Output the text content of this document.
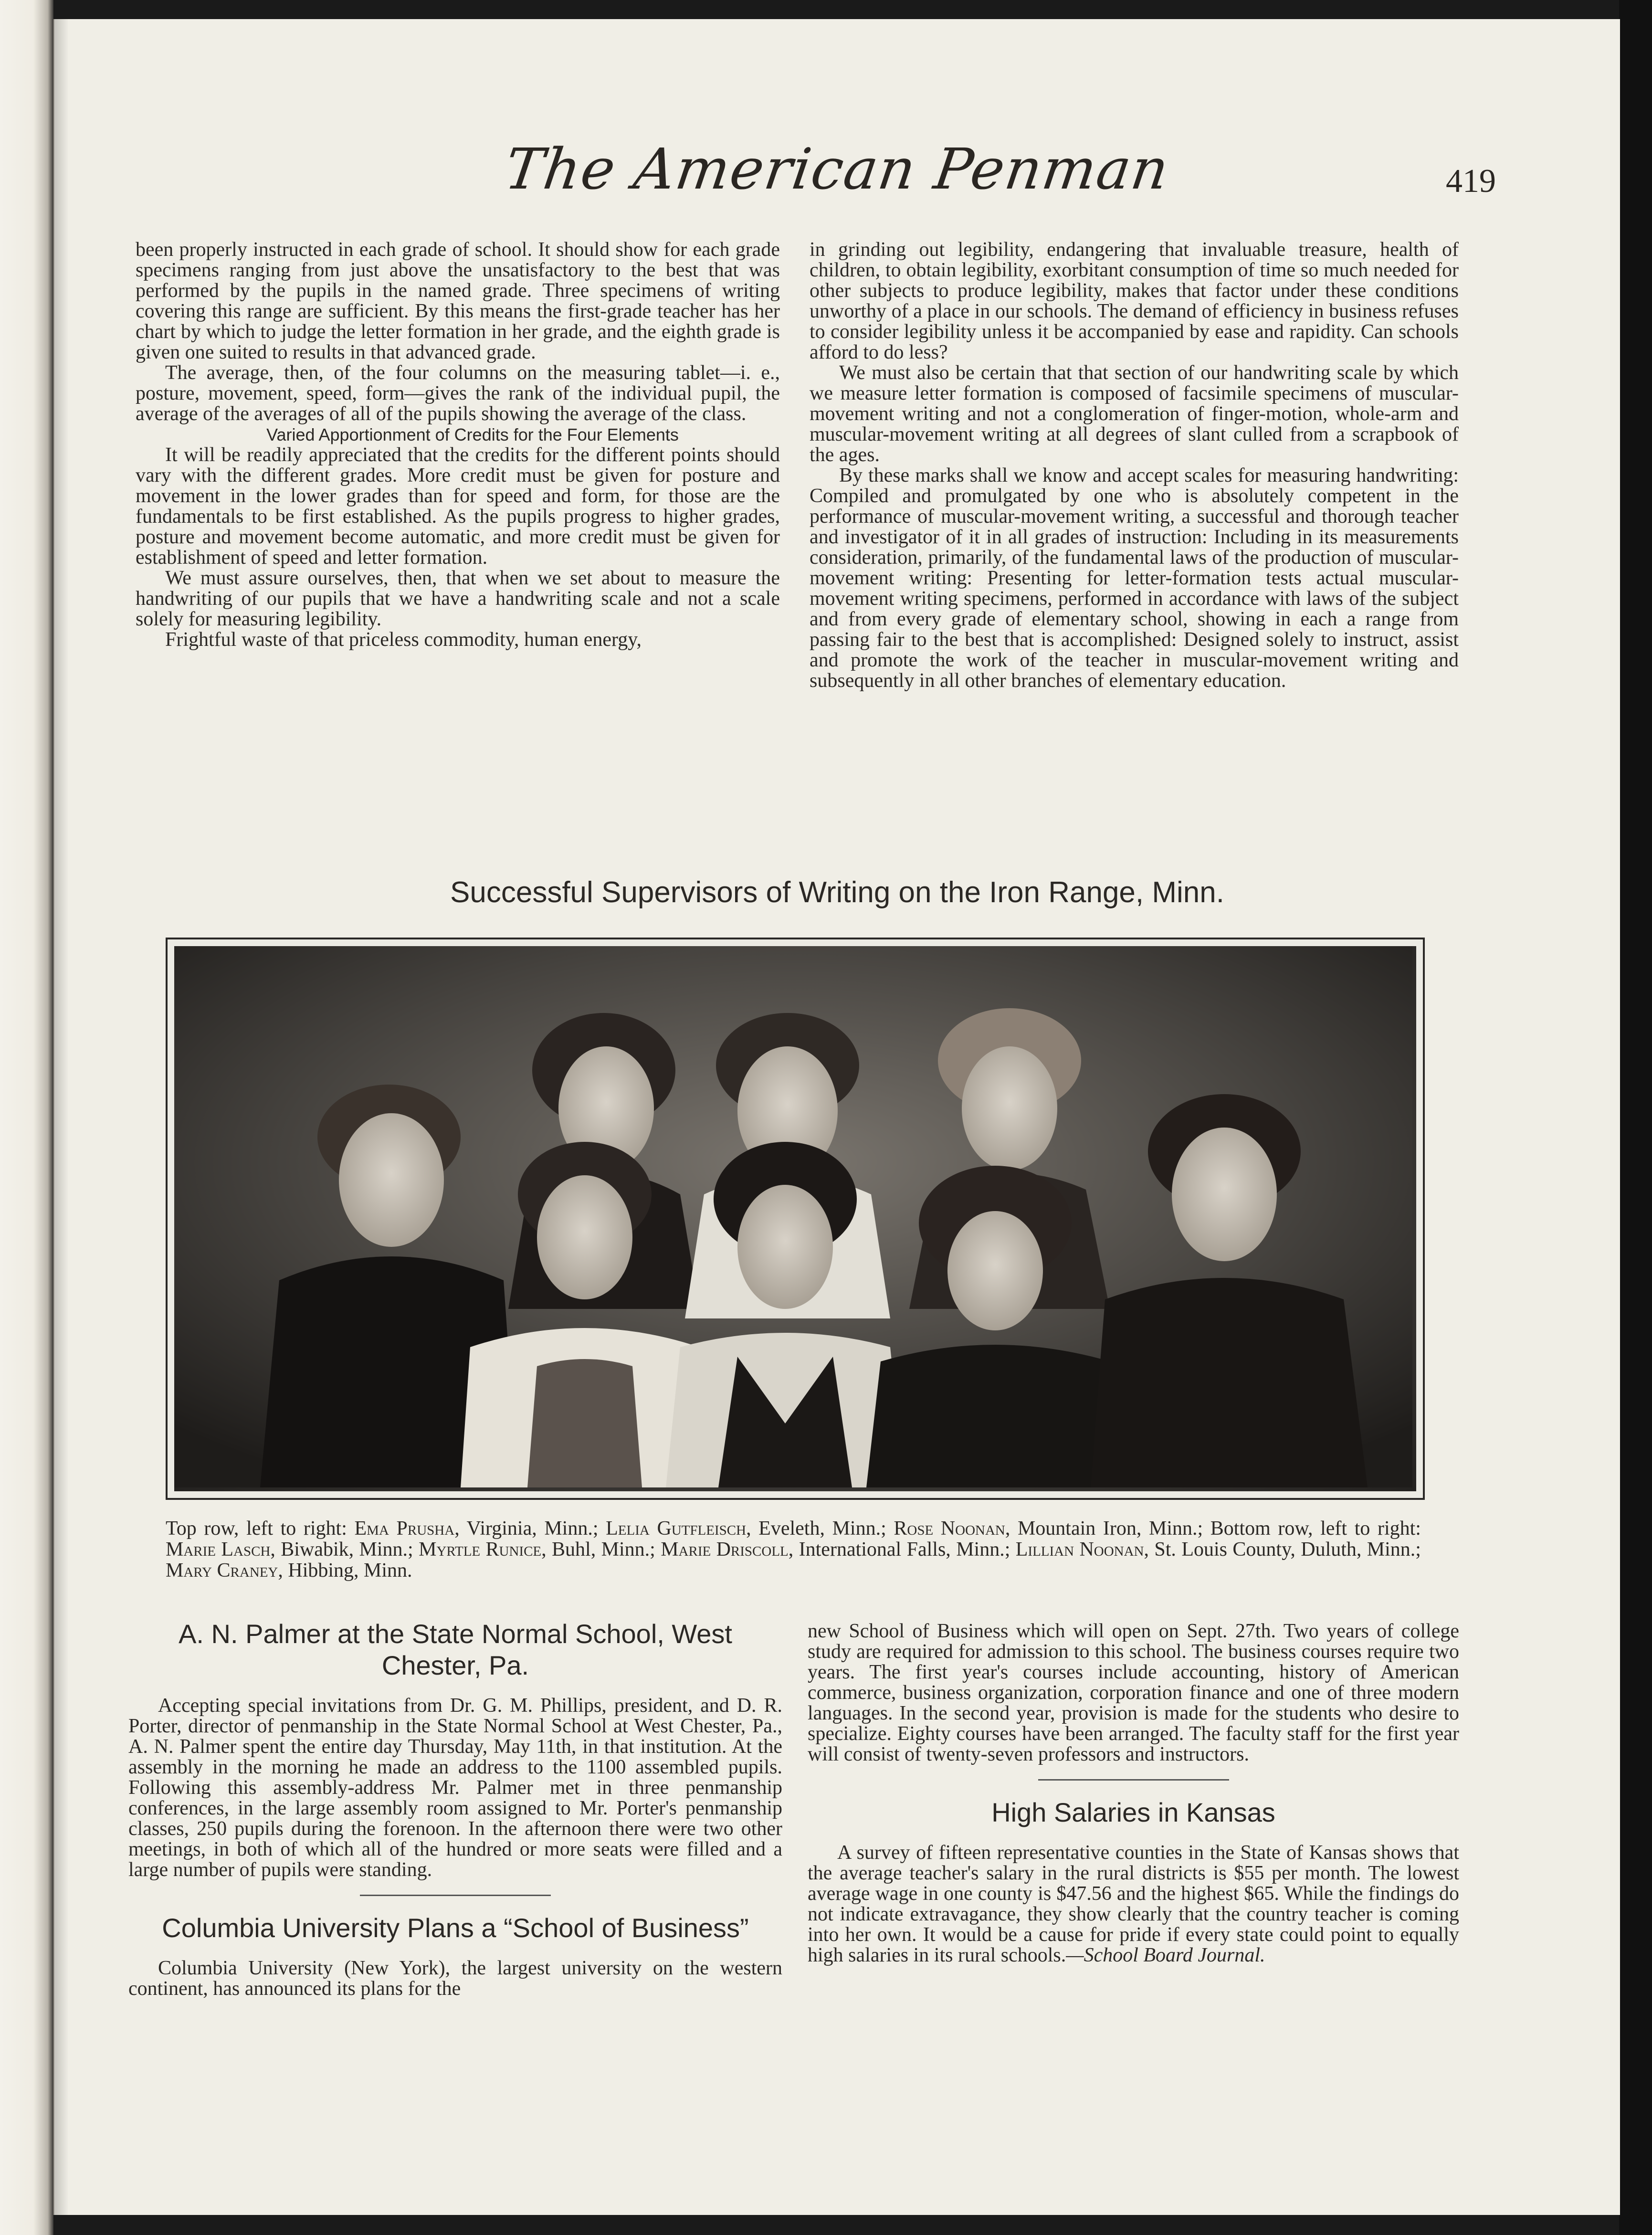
The American Penman	419

been properly instructed in each grade of school. It should show for each grade specimens ranging from just above the unsatisfactory to the best that was performed by the pupils in the named grade. Three specimens of writing covering this range are sufficient. By this means the first-grade teacher has her chart by which to judge the letter formation in her grade, and the eighth grade is given one suited to results in that advanced grade.

The average, then, of the four columns on the measuring tablet—i. e., posture, movement, speed, form—gives the rank of the individual pupil, the average of the averages of all of the pupils showing the average of the class.

Varied Apportionment of Credits for the Four Elements

It will be readily appreciated that the credits for the different points should vary with the different grades. More credit must be given for posture and movement in the lower grades than for speed and form, for those are the fundamentals to be first established. As the pupils progress to higher grades, posture and movement become automatic, and more credit must be given for establishment of speed and letter formation.

We must assure ourselves, then, that when we set about to measure the handwriting of our pupils that we have a handwriting scale and not a scale solely for measuring legibility.

Frightful waste of that priceless commodity, human energy,

in grinding out legibility, endangering that invaluable treasure, health of children, to obtain legibility, exorbitant consumption of time so much needed for other subjects to produce legibility, makes that factor under these conditions unworthy of a place in our schools. The demand of efficiency in business refuses to consider legibility unless it be accompanied by ease and rapidity. Can schools afford to do less?

We must also be certain that that section of our handwriting scale by which we measure letter formation is composed of facsimile specimens of muscular-movement writing and not a conglomeration of finger-motion, whole-arm and muscular-movement writing at all degrees of slant culled from a scrapbook of the ages.

By these marks shall we know and accept scales for measuring handwriting: Compiled and promulgated by one who is absolutely competent in the performance of muscular-movement writing, a successful and thorough teacher and investigator of it in all grades of instruction: Including in its measurements consideration, primarily, of the fundamental laws of the production of muscular-movement writing: Presenting for letter-formation tests actual muscular-movement writing specimens, performed in accordance with laws of the subject and from every grade of elementary school, showing in each a range from passing fair to the best that is accomplished: Designed solely to instruct, assist and promote the work of the teacher in muscular-movement writing and subsequently in all other branches of elementary education.

Successful Supervisors of Writing on the Iron Range, Minn.
Top row, left to right: Ema Prusha, Virginia, Minn.; Lelia Gutfleisch, Eveleth, Minn.; Rose Noonan, Mountain Iron, Minn.; Bottom row, left to right: Marie Lasch, Biwabik, Minn.; Myrtle Runice, Buhl, Minn.; Marie Driscoll, International Falls, Minn.; Lillian Noonan, St. Louis County, Duluth, Minn.; Mary Craney, Hibbing, Minn.
A. N. Palmer at the State Normal School, West Chester, Pa.

Accepting special invitations from Dr. G. M. Phillips, president, and D. R. Porter, director of penmanship in the State Normal School at West Chester, Pa., A. N. Palmer spent the entire day Thursday, May 11th, in that institution. At the assembly in the morning he made an address to the 1100 assembled pupils. Following this assembly-address Mr. Palmer met in three penmanship conferences, in the large assembly room assigned to Mr. Porter's penmanship classes, 250 pupils during the forenoon. In the afternoon there were two other meetings, in both of which all of the hundred or more seats were filled and a large number of pupils were standing.

Columbia University Plans a “School of Business”

Columbia University (New York), the largest university on the western continent, has announced its plans for the

new School of Business which will open on Sept. 27th. Two years of college study are required for admission to this school. The business courses require two years. The first year's courses include accounting, history of American commerce, business organization, corporation finance and one of three modern languages. In the second year, provision is made for the students who desire to specialize. Eighty courses have been arranged. The faculty staff for the first year will consist of twenty-seven professors and instructors.

High Salaries in Kansas

A survey of fifteen representative counties in the State of Kansas shows that the average teacher's salary in the rural districts is $55 per month. The lowest average wage in one county is $47.56 and the highest $65. While the findings do not indicate extravagance, they show clearly that the country teacher is coming into her own. It would be a cause for pride if every state could point to equally high salaries in its rural schools.—School Board Journal.
